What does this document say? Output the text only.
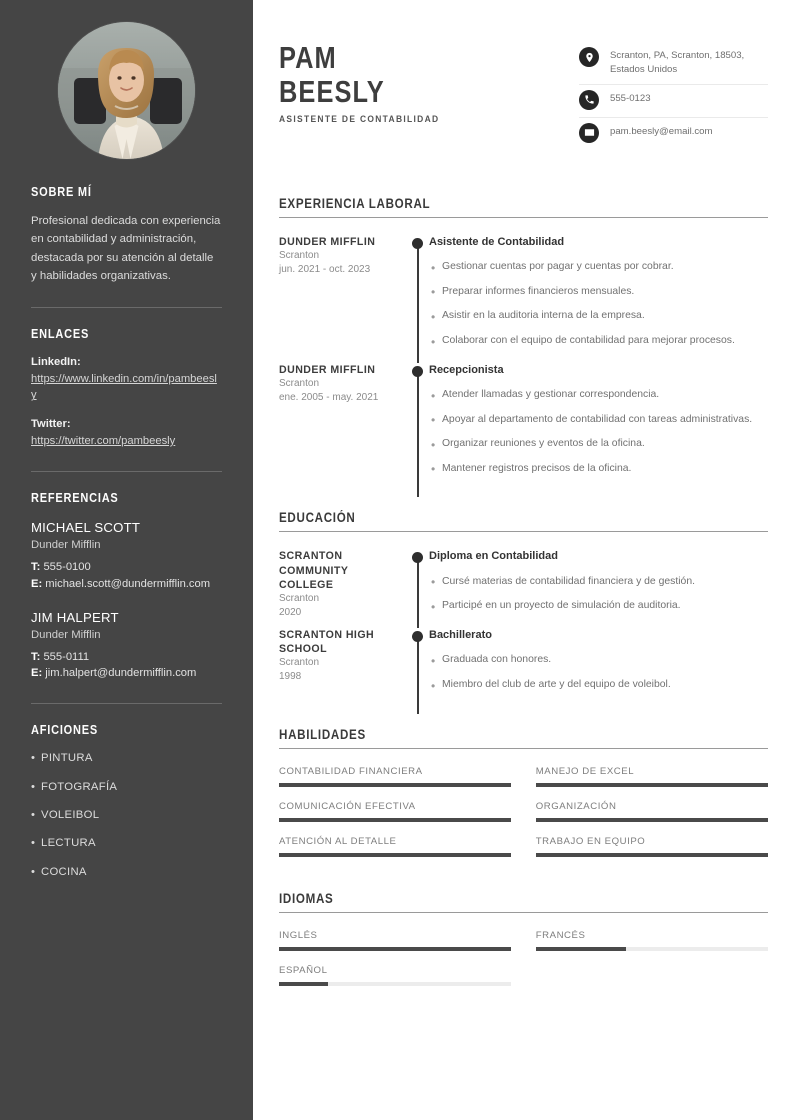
SOBRE MÍ

Profesional dedicada con experiencia en contabilidad y administración, destacada por su atención al detalle y habilidades organizativas.

ENLACES
LinkedIn:
https://www.linkedin.com/in/pambeesly
Twitter:
https://twitter.com/pambeesly
REFERENCIAS
MICHAEL SCOTT
Dunder Mifflin
T: 555-0100
E: michael.scott@dundermifflin.com
JIM HALPERT
Dunder Mifflin
T: 555-0111
E: jim.halpert@dundermifflin.com
AFICIONES
• PINTURA
• FOTOGRAFÍA
• VOLEIBOL
• LECTURA
• COCINA
PAM
BEESLY
ASISTENTE DE CONTABILIDAD
Scranton, PA, Scranton, 18503, Estados Unidos
555-0123
pam.beesly@email.com
EXPERIENCIA LABORAL
DUNDER MIFFLIN
Scranton
jun. 2021 - oct. 2023
Asistente de Contabilidad
• Gestionar cuentas por pagar y cuentas por cobrar.
• Preparar informes financieros mensuales.
• Asistir en la auditoria interna de la empresa.
• Colaborar con el equipo de contabilidad para mejorar procesos.
DUNDER MIFFLIN
Scranton
ene. 2005 - may. 2021
Recepcionista
• Atender llamadas y gestionar correspondencia.
• Apoyar al departamento de contabilidad con tareas administrativas.
• Organizar reuniones y eventos de la oficina.
• Mantener registros precisos de la oficina.
EDUCACIÓN
SCRANTON COMMUNITY COLLEGE
Scranton
2020
Diploma en Contabilidad
• Cursé materias de contabilidad financiera y de gestión.
• Participé en un proyecto de simulación de auditoria.
SCRANTON HIGH SCHOOL
Scranton
1998
Bachillerato
• Graduada con honores.
• Miembro del club de arte y del equipo de voleibol.
HABILIDADES
CONTABILIDAD FINANCIERA	MANEJO DE EXCEL
COMUNICACIÓN EFECTIVA	ORGANIZACIÓN
ATENCIÓN AL DETALLE	TRABAJO EN EQUIPO
IDIOMAS
INGLÉS	FRANCÉS
ESPAÑOL
